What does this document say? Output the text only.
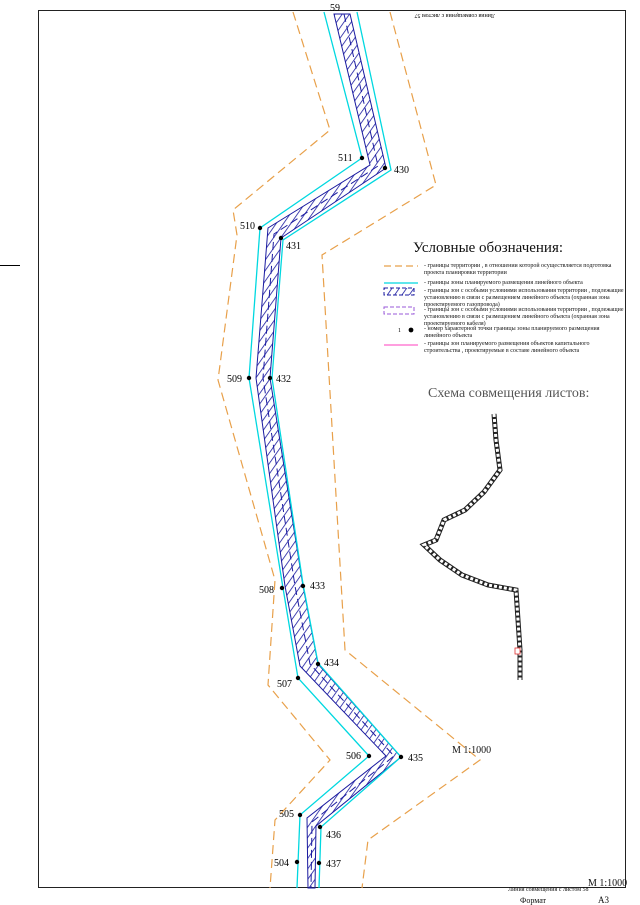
59
430
511
431
510
432
509
433
508
434
507
435
506
436
505
437
504
Линия совмещения с листом 57
1
Условные обозначения:
- границы территории , в отношении которой осуществляется подготовка проекта планировки территории
- границы зоны планируемого размещения линейного объекта
- границы зон с особыми условиями использования территории , подлежащие установлению в связи с размещением линейного объекта (охранная зона проектируемого газопровода)
- границы зон с особыми условиями использования территории , подлежащие установлению в связи с размещением линейного объекта (охранная зона проектируемого кабеля)
- номер характерной точки границы зоны планируемого размещения линейного объекта
- границы зон планируемого размещения объектов капитального строительства , проектируемые в составе линейного объекта
Схема совмещения листов:
М 1:1000
М 1:1000
Линия совмещения с листом 58
Формат	А3
